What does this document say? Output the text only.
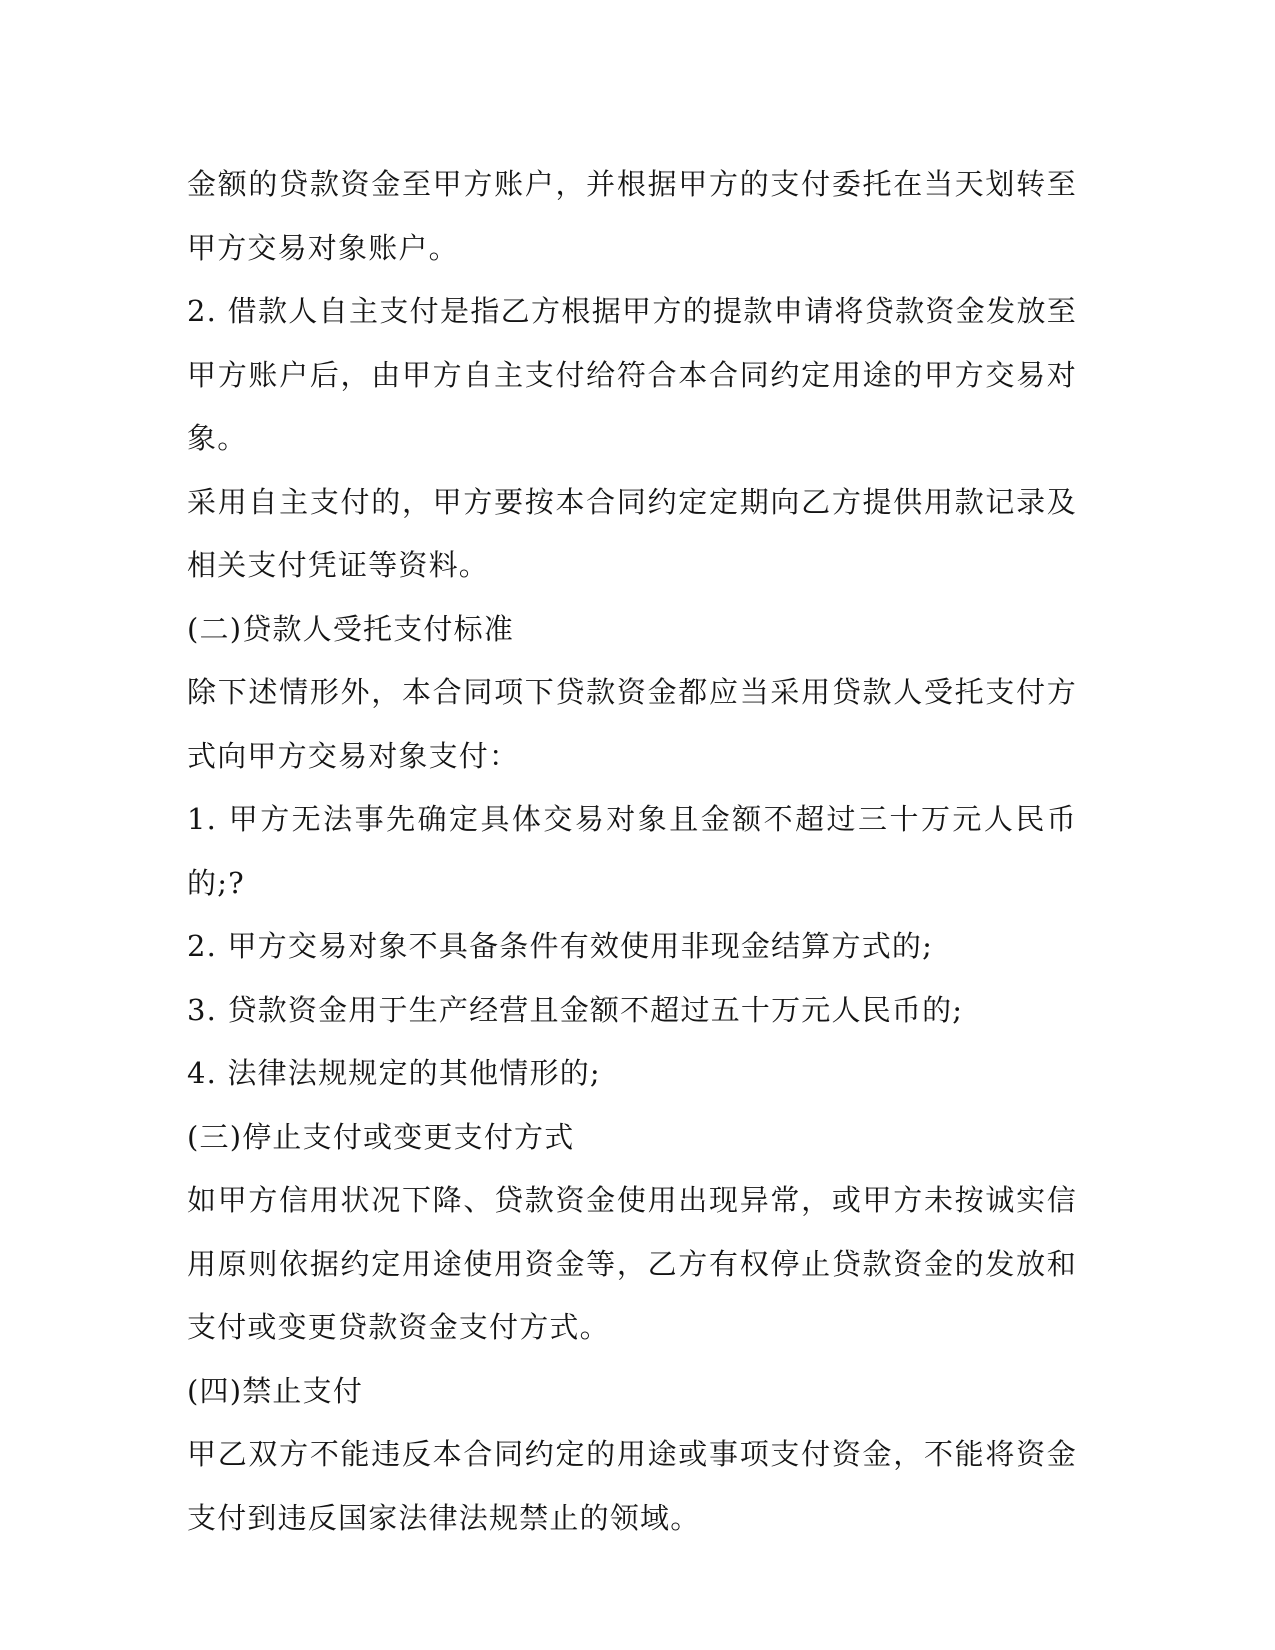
金额的贷款资金至甲方账户，并根据甲方的支付委托在当天划转至甲方交易对象账户。

2. 借款人自主支付是指乙方根据甲方的提款申请将贷款资金发放至甲方账户后，由甲方自主支付给符合本合同约定用途的甲方交易对象。

采用自主支付的，甲方要按本合同约定定期向乙方提供用款记录及相关支付凭证等资料。

(二)贷款人受托支付标准

除下述情形外，本合同项下贷款资金都应当采用贷款人受托支付方式向甲方交易对象支付：

1. 甲方无法事先确定具体交易对象且金额不超过三十万元人民币的;?

2. 甲方交易对象不具备条件有效使用非现金结算方式的;

3. 贷款资金用于生产经营且金额不超过五十万元人民币的;

4. 法律法规规定的其他情形的;

(三)停止支付或变更支付方式

如甲方信用状况下降、贷款资金使用出现异常，或甲方未按诚实信用原则依据约定用途使用资金等，乙方有权停止贷款资金的发放和支付或变更贷款资金支付方式。

(四)禁止支付

甲乙双方不能违反本合同约定的用途或事项支付资金，不能将资金支付到违反国家法律法规禁止的领域。
